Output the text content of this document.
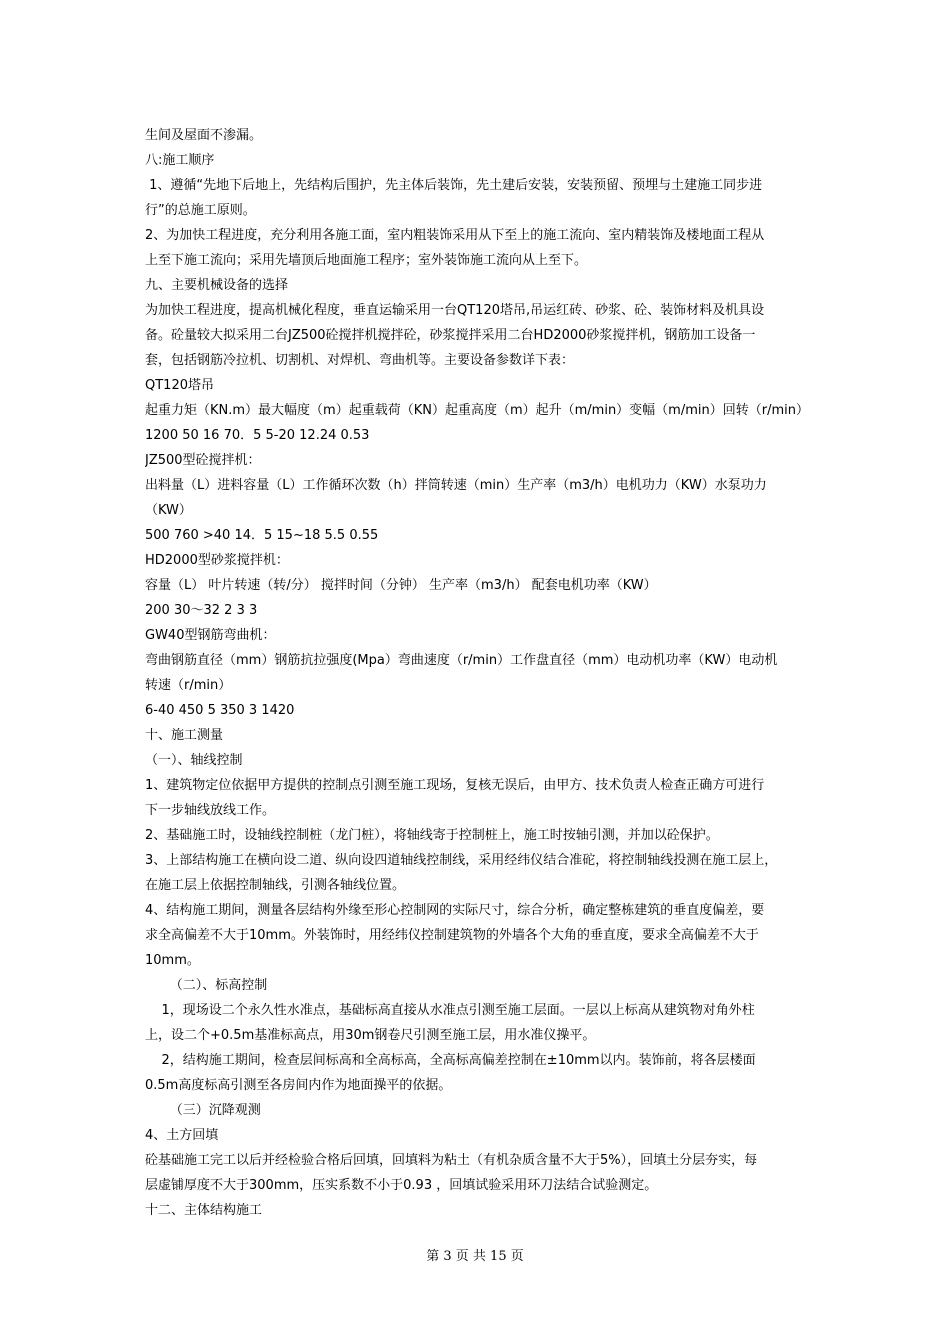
生间及屋面不渗漏。
八:施工顺序
1、遵循“先地下后地上，先结构后围护，先主体后装饰，先土建后安装，安装预留、预埋与土建施工同步进
行”的总施工原则。
2、为加快工程进度，充分利用各施工面，室内粗装饰采用从下至上的施工流向、室内精装饰及楼地面工程从
上至下施工流向；采用先墙顶后地面施工程序；室外装饰施工流向从上至下。
九、主要机械设备的选择
为加快工程进度，提高机械化程度，垂直运输采用一台QT120塔吊,吊运红砖、砂浆、砼、装饰材料及机具设
备。砼量较大拟采用二台JZ500砼搅拌机搅拌砼，砂浆搅拌采用二台HD2000砂浆搅拌机，钢筋加工设备一
套，包括钢筋冷拉机、切割机、对焊机、弯曲机等。主要设备参数详下表：
QT120塔吊
起重力矩（KN.m）最大幅度（m）起重载荷（KN）起重高度（m）起升（m/min）变幅（m/min）回转（r/min）
1200 50 16 70．5 5-20 12.24 0.53
JZ500型砼搅拌机：
出料量（L）进料容量（L）工作循环次数（h）拌筒转速（min）生产率（m3/h）电机功力（KW）水泵功力
（KW）
500 760 >40 14．5 15~18 5.5 0.55
HD2000型砂浆搅拌机：
容量（L） 叶片转速（转/分） 搅拌时间（分钟） 生产率（m3/h） 配套电机功率（KW）
200 30～32 2 3 3
GW40型钢筋弯曲机：
弯曲钢筋直径（mm）钢筋抗拉强度(Mpa）弯曲速度（r/min）工作盘直径（mm）电动机功率（KW）电动机
转速（r/min）
6-40 450 5 350 3 1420
十、施工测量
（一）、轴线控制
1、建筑物定位依据甲方提供的控制点引测至施工现场，复核无误后，由甲方、技术负责人检查正确方可进行
下一步轴线放线工作。
2、基础施工时，设轴线控制桩（龙门桩），将轴线寄于控制桩上，施工时按轴引测，并加以砼保护。
3、上部结构施工在横向设二道、纵向设四道轴线控制线，采用经纬仪结合准砣，将控制轴线投测在施工层上，
在施工层上依据控制轴线，引测各轴线位置。
4、结构施工期间，测量各层结构外缘至形心控制网的实际尺寸，综合分析，确定整栋建筑的垂直度偏差，要
求全高偏差不大于10mm。外装饰时，用经纬仪控制建筑物的外墙各个大角的垂直度，要求全高偏差不大于
10mm。
（二）、标高控制
1，现场设二个永久性水准点，基础标高直接从水准点引测至施工层面。一层以上标高从建筑物对角外柱
上，设二个+0.5m基准标高点，用30m钢卷尺引测至施工层，用水准仪操平。
2，结构施工期间，检查层间标高和全高标高，全高标高偏差控制在±10mm以内。装饰前，将各层楼面
0.5m高度标高引测至各房间内作为地面操平的依据。
（三）沉降观测
4、土方回填
砼基础施工完工以后并经检验合格后回填，回填料为粘土（有机杂质含量不大于5%），回填土分层夯实，每
层虚铺厚度不大于300mm，压实系数不小于0.93 ，回填试验采用环刀法结合试验测定。
十二、主体结构施工
第 3 页 共 15 页
